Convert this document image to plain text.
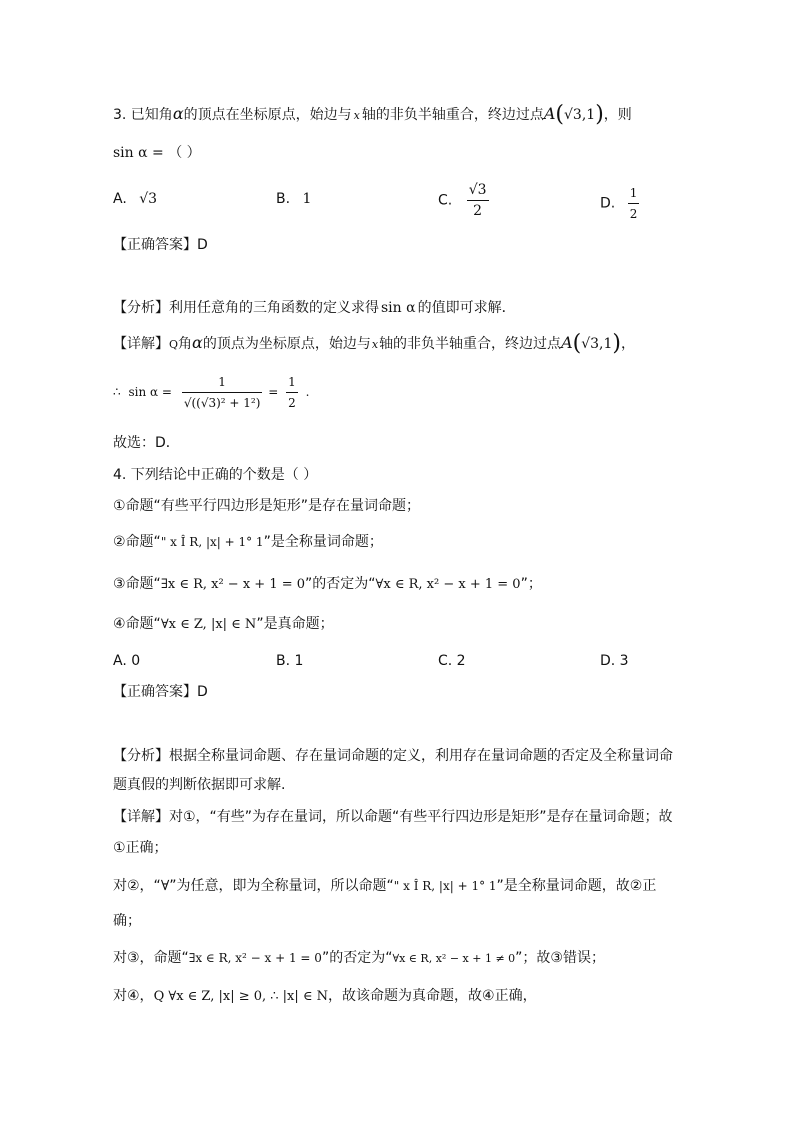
3. 已知角α的顶点在坐标原点，始边与 x 轴的非负半轴重合，终边过点A(√3,1)，则
sin α = （ ）
A. √3	B. 1	C. $\frac{√3}{2}$	D. $\frac{1}{2}$
【正确答案】D
【分析】利用任意角的三角函数的定义求得 sin α 的值即可求解．
【详解】Q角α的顶点为坐标原点，始边与x轴的非负半轴重合，终边过点A(√3,1)，
∴ $\sin \alpha = \frac{1}{\text{√((√3)² + 1²)}} = \frac{1}{2}$ .
故选：D．
4. 下列结论中正确的个数是（ ）
①命题“有些平行四边形是矩形”是存在量词命题；
②命题“" x Î R, |x| + 1° 1”是全称量词命题；
③命题“∃x ∈ R, x² − x + 1 = 0”的否定为“∀x ∈ R, x² − x + 1 = 0”；
④命题“∀x ∈ Z, |x| ∈ N”是真命题；
A. 0	B. 1	C. 2	D. 3
【正确答案】D
【分析】根据全称量词命题、存在量词命题的定义，利用存在量词命题的否定及全称量词命
题真假的判断依据即可求解.
【详解】对①，“有些”为存在量词，所以命题“有些平行四边形是矩形”是存在量词命题；故
①正确；
对②，“∀”为任意，即为全称量词，所以命题“" x Î R, |x| + 1° 1”是全称量词命题，故②正
确；
对③，命题“∃x ∈ R, x² − x + 1 = 0”的否定为“∀x ∈ R, x² − x + 1 ≠ 0”；故③错误；
对④，Q ∀x ∈ Z, |x| ≥ 0, ∴ |x| ∈ N，故该命题为真命题，故④正确，
